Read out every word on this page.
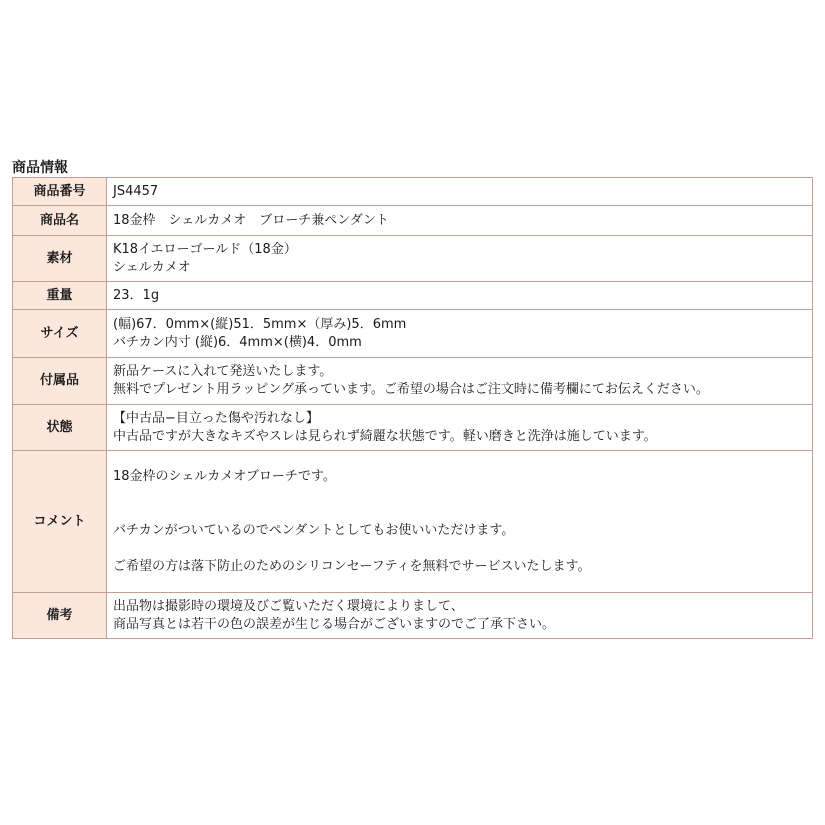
商品情報
商品番号	JS4457

商品名	18金枠　シェルカメオ　ブローチ兼ペンダント

素材	K18イエローゴールド（18金）
シェルカメオ

重量	23．1g

サイズ	(幅)67．0mm×(縦)51．5mm×（厚み)5．6mm
バチカン内寸 (縦)6．4mm×(横)4．0mm

付属品	新品ケースに入れて発送いたします。
無料でプレゼント用ラッピング承っています。ご希望の場合はご注文時に備考欄にてお伝えください。

状態	【中古品−目立った傷や汚れなし】
中古品ですが大きなキズやスレは見られず綺麗な状態です。軽い磨きと洗浄は施しています。

コメント	18金枠のシェルカメオブローチです。
バチカンがついているのでペンダントとしてもお使いいただけます。
ご希望の方は落下防止のためのシリコンセーフティを無料でサービスいたします。

備考	出品物は撮影時の環境及びご覧いただく環境によりまして、
商品写真とは若干の色の誤差が生じる場合がございますのでご了承下さい。
